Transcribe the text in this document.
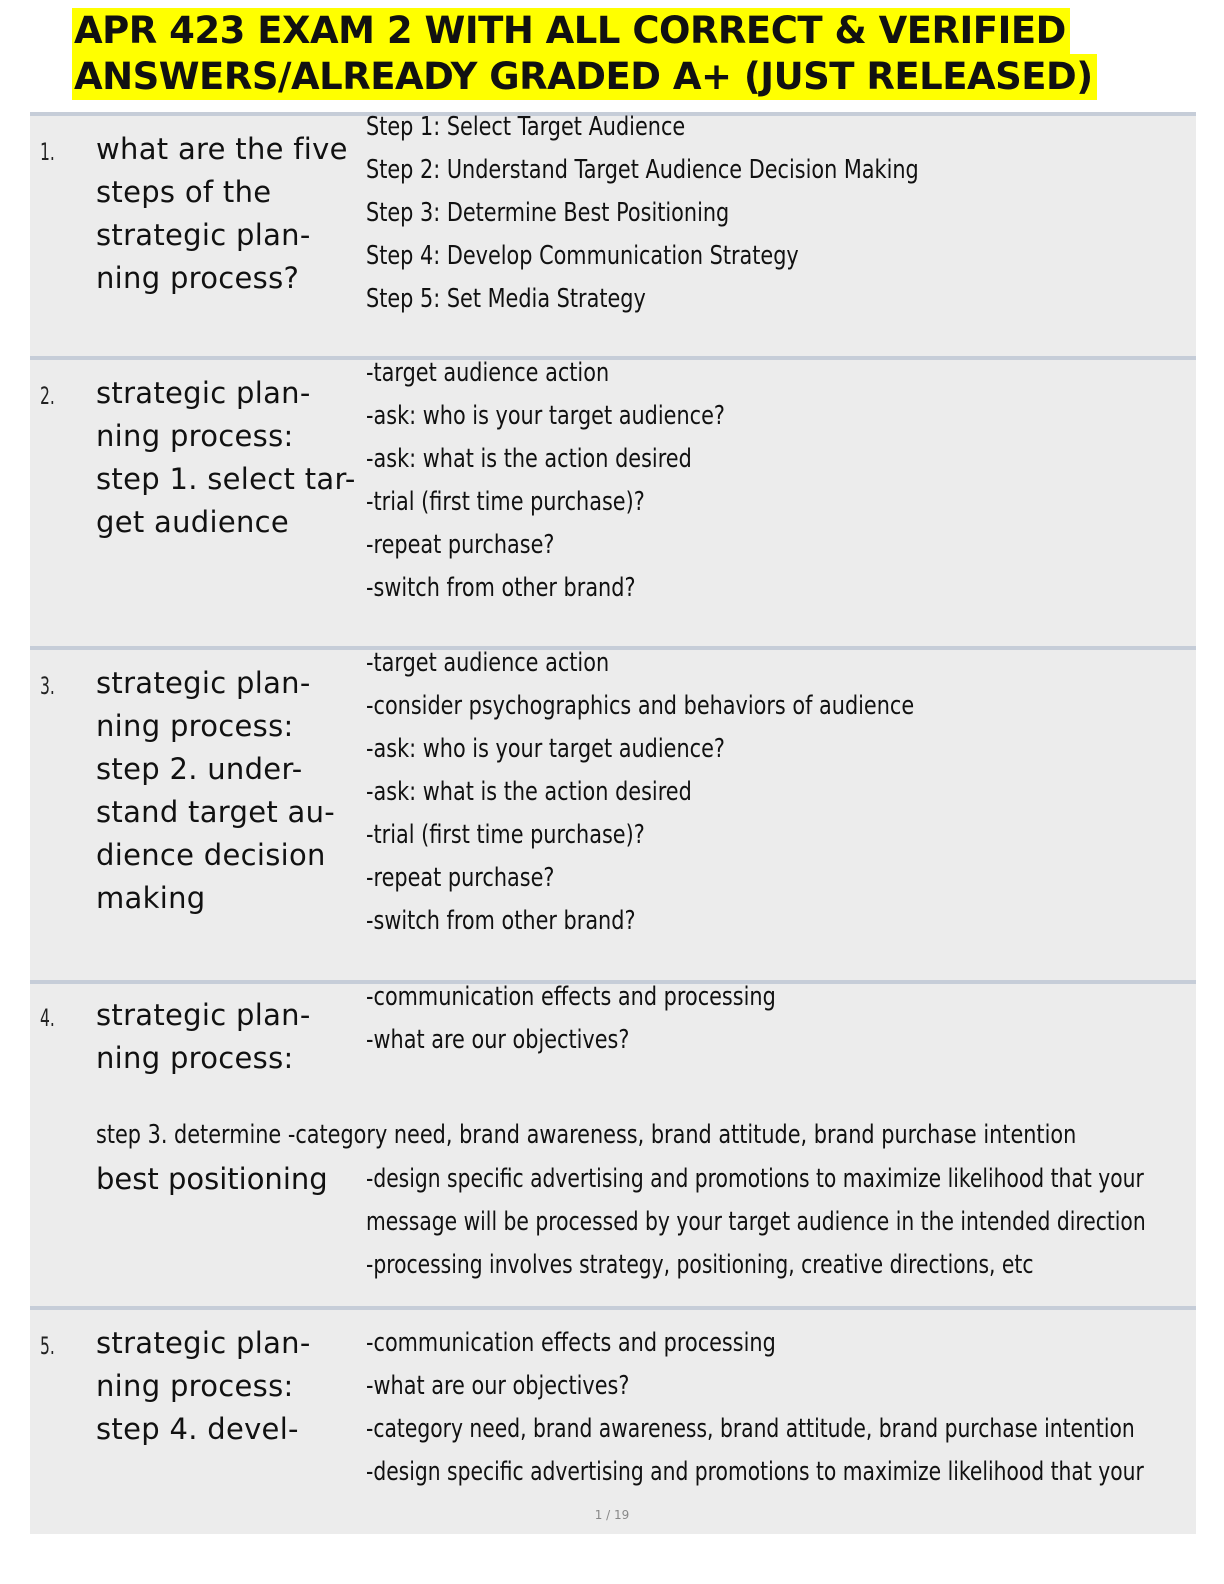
APR 423 EXAM 2 WITH ALL CORRECT & VERIFIED
ANSWERS/ALREADY GRADED A+ (JUST RELEASED)
1. what are the five steps of the strategic plan-ning process?
Step 1: Select Target Audience
Step 2: Understand Target Audience Decision Making
Step 3: Determine Best Positioning
Step 4: Develop Communication Strategy
Step 5: Set Media Strategy
2. strategic plan-ning process: step 1. select tar-get audience
-target audience action
-ask: who is your target audience?
-ask: what is the action desired
-trial (first time purchase)?
-repeat purchase?
-switch from other brand?
3. strategic plan-ning process: step 2. under-stand target au-dience decision making
-target audience action
-consider psychographics and behaviors of audience
-ask: who is your target audience?
-ask: what is the action desired
-trial (first time purchase)?
-repeat purchase?
-switch from other brand?
4. strategic plan-ning process:
-communication effects and processing
-what are our objectives?
step 3. determine -category need, brand awareness, brand attitude, brand purchase intention
best positioning -design specific advertising and promotions to maximize likelihood that your
message will be processed by your target audience in the intended direction
-processing involves strategy, positioning, creative directions, etc
5. strategic plan-ning process: step 4. devel-
-communication effects and processing
-what are our objectives?
-category need, brand awareness, brand attitude, brand purchase intention
-design specific advertising and promotions to maximize likelihood that your
1 / 19
